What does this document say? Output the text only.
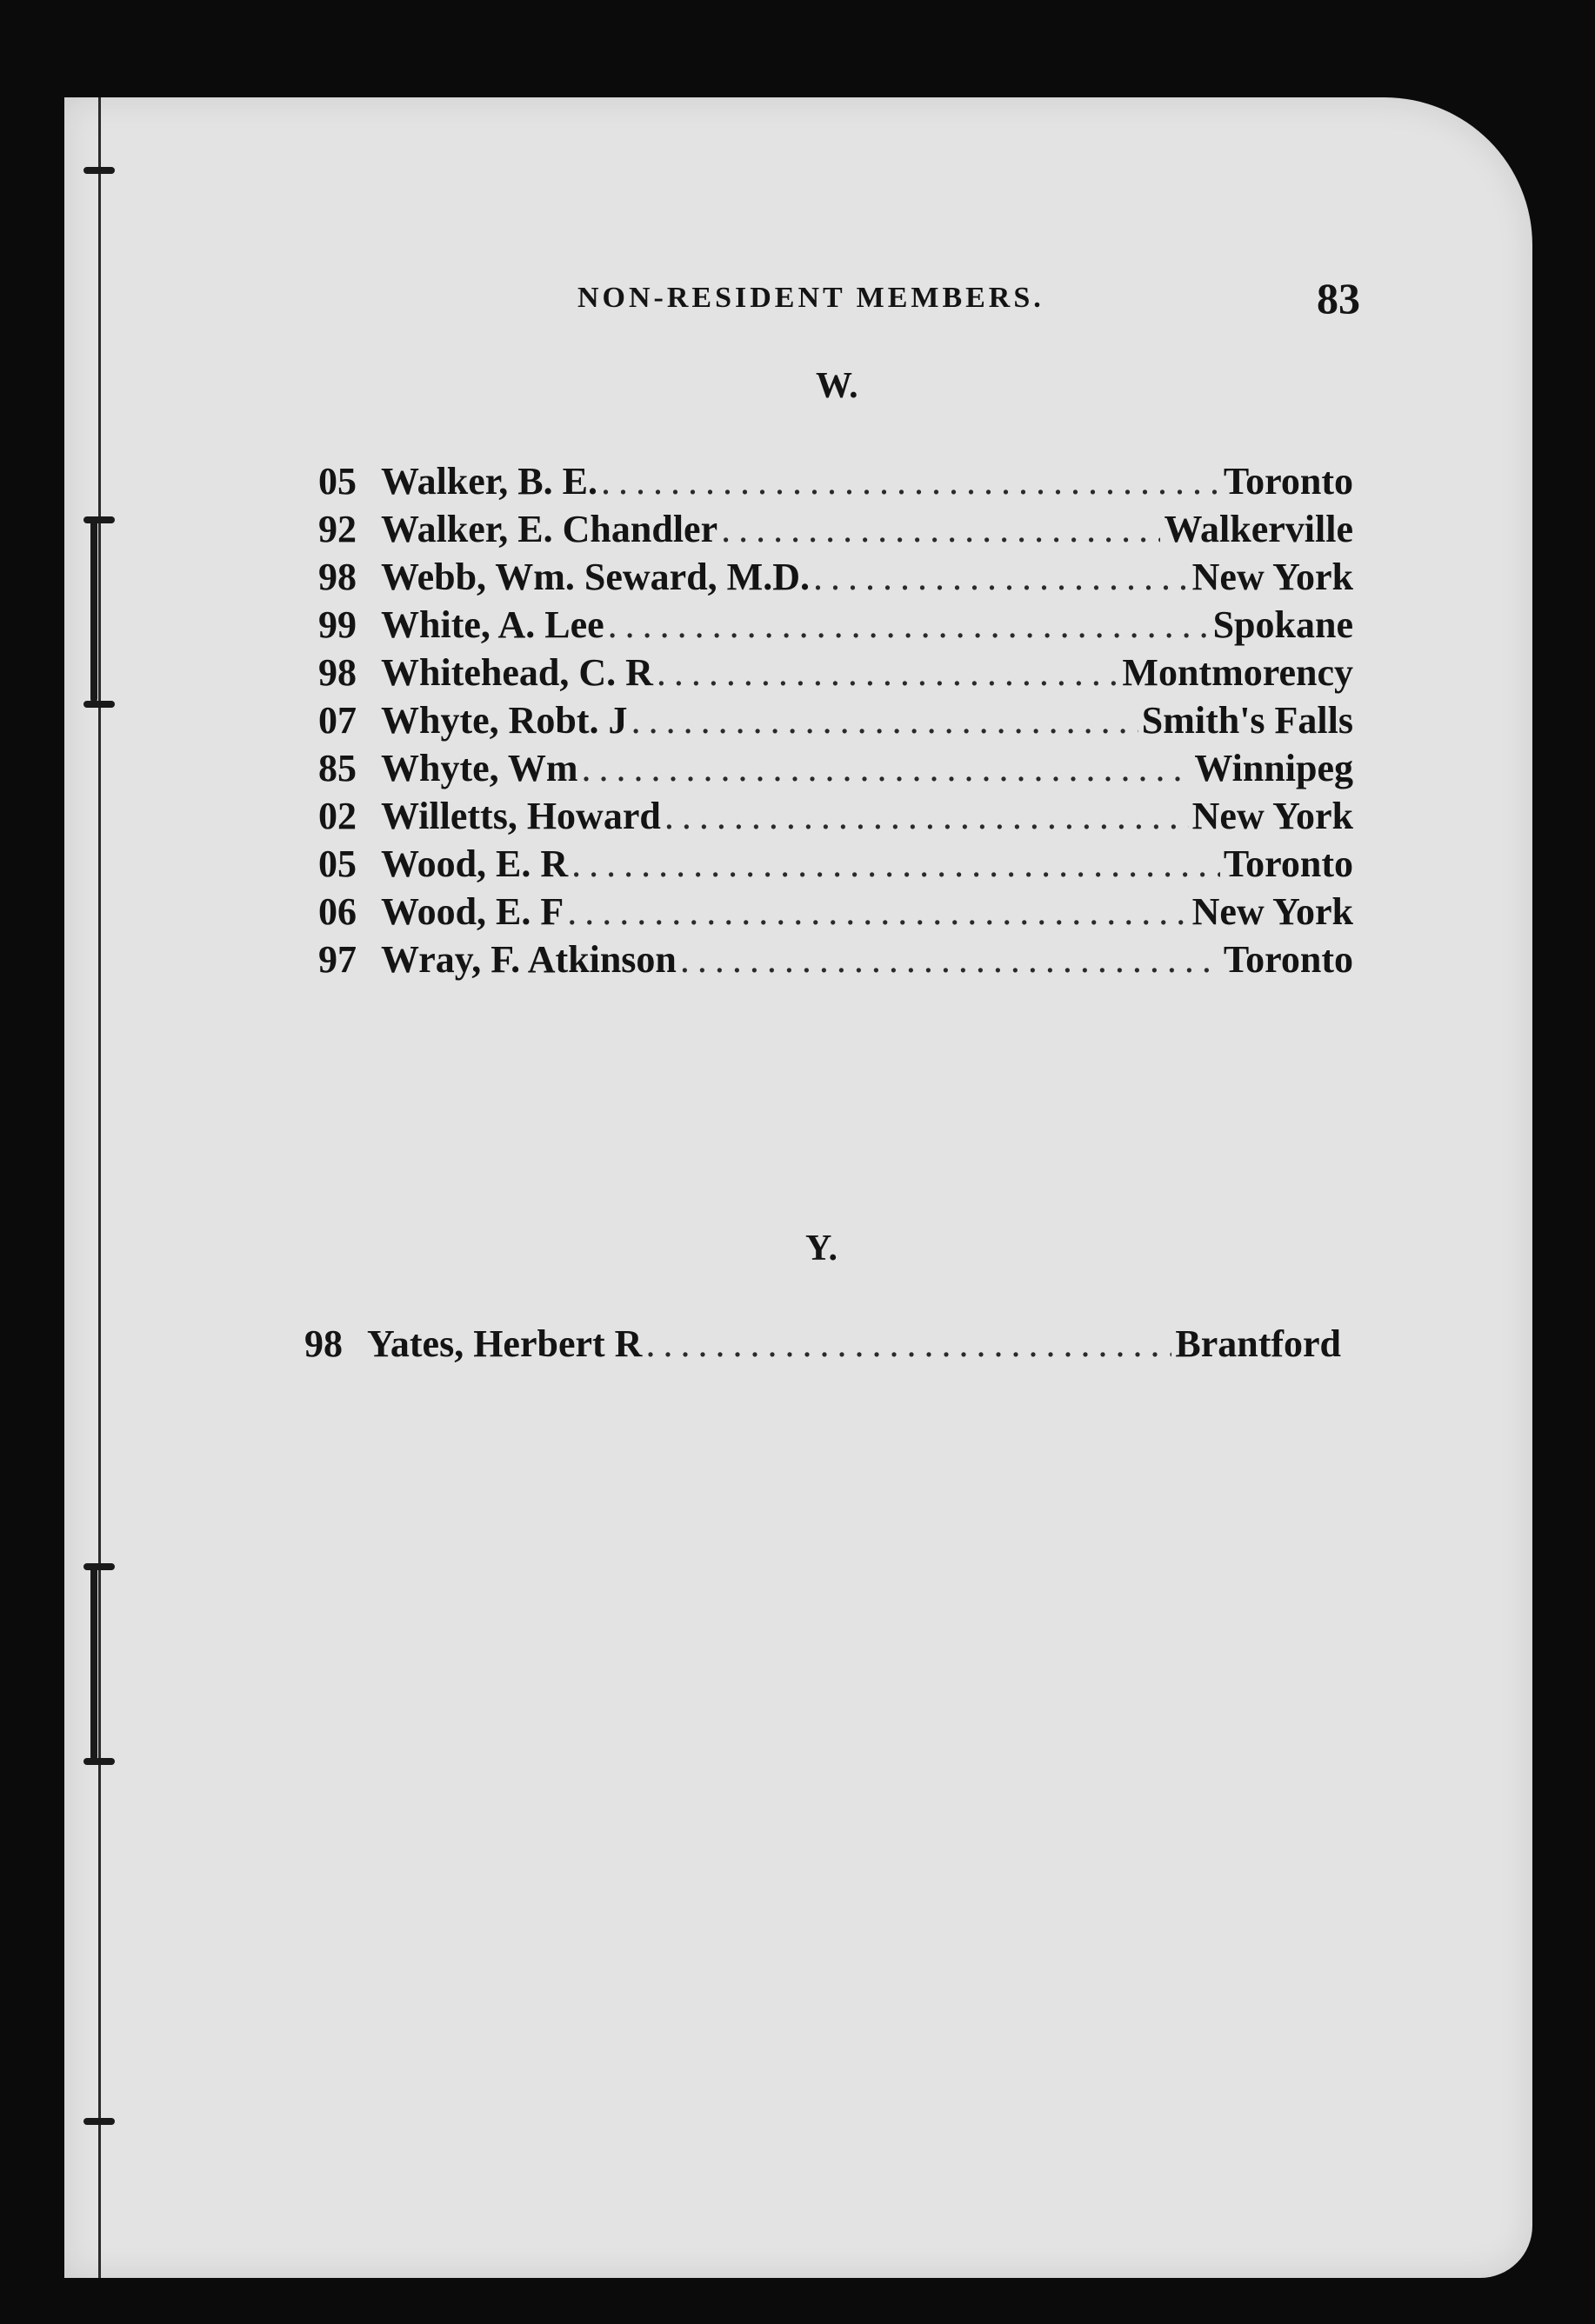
NON-RESIDENT MEMBERS.	83
W.
05 Walker, B. E. .....	Toronto
92 Walker, E. Chandler .....	Walkerville
98 Webb, Wm. Seward, M.D. .....	New York
99 White, A. Lee .....	Spokane
98 Whitehead, C. R .....	Montmorency
07 Whyte, Robt. J .....	Smith's Falls
85 Whyte, Wm .....	Winnipeg
02 Willetts, Howard .....	New York
05 Wood, E. R .....	Toronto
06 Wood, E. F .....	New York
97 Wray, F. Atkinson .....	Toronto
Y.
98 Yates, Herbert R .....	Brantford
